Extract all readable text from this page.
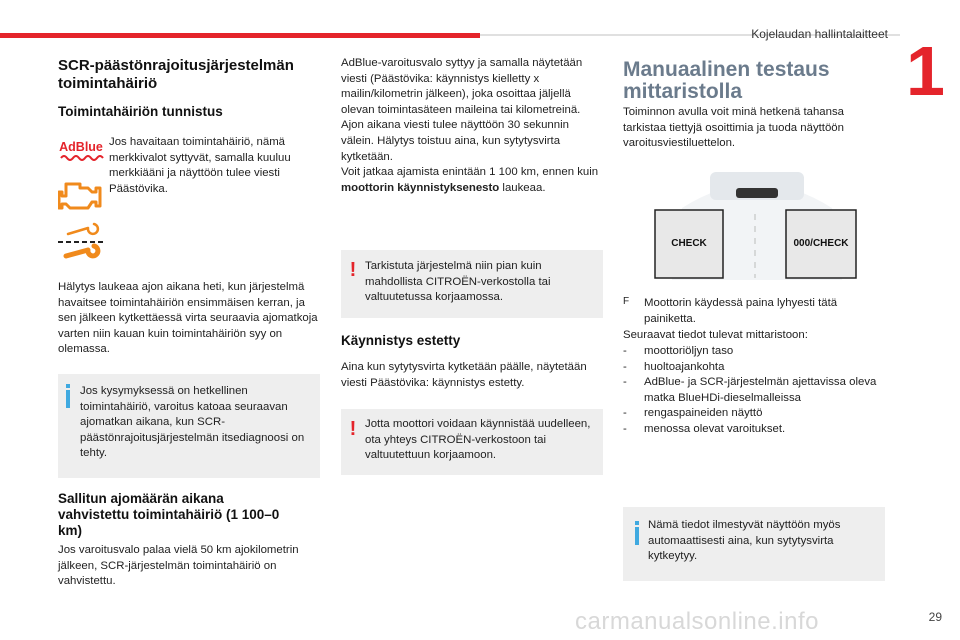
Kojelaudan hallintalaitteet 1
SCR-päästönrajoitusjärjestelmän toimintahäiriö
Toimintahäiriön tunnistus
AdBlue Jos havaitaan toimintahäiriö, nämä merkkivalot syttyvät, samalla kuuluu merkkiääni ja näyttöön tulee viesti Päästövika.

Hälytys laukeaa ajon aikana heti, kun järjestelmä havaitsee toimintahäiriön ensimmäisen kerran, ja sen jälkeen kytkettäessä virta seuraavia ajomatkoja varten niin kauan kuin toimintahäiriön syy on olemassa.

Jos kysymyksessä on hetkellinen toimintahäiriö, varoitus katoaa seuraavan ajomatkan aikana, kun SCR-päästönrajoitusjärjestelmän itsediagnoosi on tehty.

Sallitun ajomäärän aikana vahvistettu toimintahäiriö (1 100–0 km)

Jos varoitusvalo palaa vielä 50 km ajokilometrin jälkeen, SCR-järjestelmän toimintahäiriö on vahvistettu.

AdBlue-varoitusvalo syttyy ja samalla näytetään viesti (Päästövika: käynnistys kielletty x mailin/kilometrin jälkeen), joka osoittaa jäljellä olevan toimintasäteen maileina tai kilometreinä.

Ajon aikana viesti tulee näyttöön 30 sekunnin välein. Hälytys toistuu aina, kun sytytysvirta kytketään.

Voit jatkaa ajamista enintään 1 100 km, ennen kuin moottorin käynnistyksenesto laukeaa.

! Tarkistuta järjestelmä niin pian kuin mahdollista CITROËN-verkostolla tai valtuutetussa korjaamossa.

Käynnistys estetty

Aina kun sytytysvirta kytketään päälle, näytetään viesti Päästövika: käynnistys estetty.

! Jotta moottori voidaan käynnistää uudelleen, ota yhteys CITROËN-verkostoon tai valtuutettuun korjaamoon.

Manuaalinen testaus mittaristolla

Toiminnon avulla voit minä hetkenä tahansa tarkistaa tiettyjä osoittimia ja tuoda näyttöön varoitusviestiluettelon.

CHECK	000/CHECK
F Moottorin käydessä paina lyhyesti tätä painiketta.

Seuraavat tiedot tulevat mittaristoon:

- moottoriöljyn taso
- huoltoajankohta
- AdBlue- ja SCR-järjestelmän ajettavissa oleva matka BlueHDi-dieselmalleissa
- rengaspaineiden näyttö
- menossa olevat varoitukset.

Nämä tiedot ilmestyvät näyttöön myös automaattisesti aina, kun sytytysvirta kytkeytyy.

29
carmanualsonline.info
